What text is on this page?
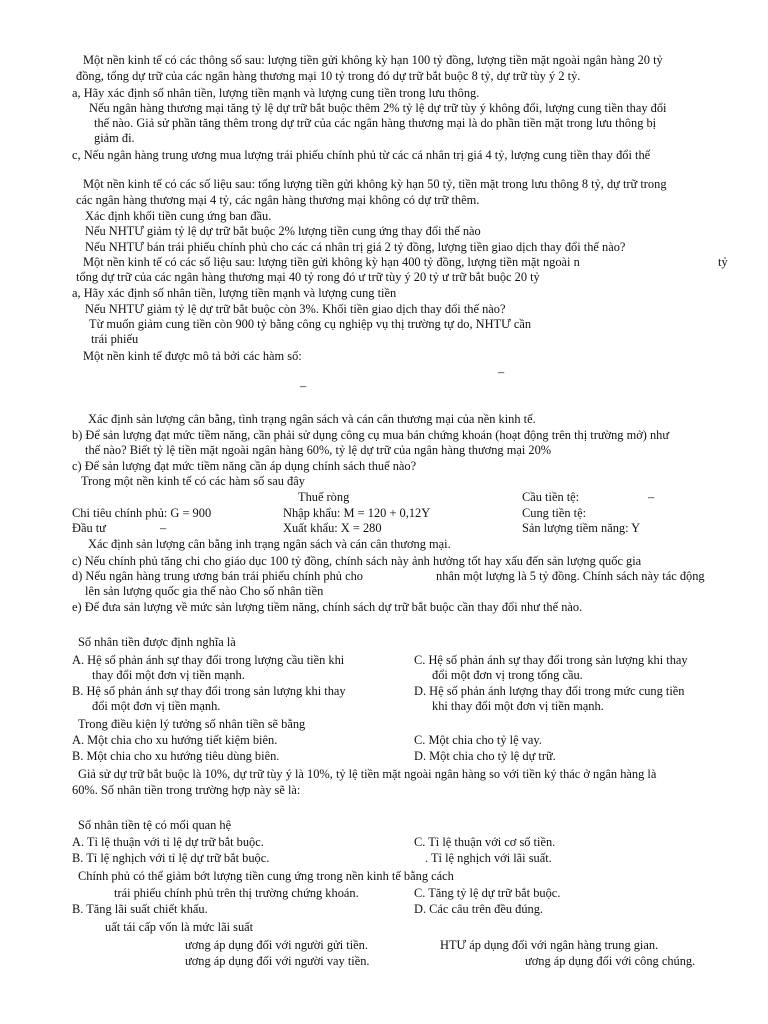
Một nền kinh tế có các thông số sau: lượng tiền gửi không kỳ hạn 100 tỷ đồng, lượng tiền mặt ngoài ngân hàng 20 tỷ
đồng, tổng dự trữ của các ngân hàng thương mại 10 tỷ trong đó dự trữ bắt buộc 8 tỷ, dự trữ tùy ý 2 tỷ.
a, Hãy xác định số nhân tiền, lượng tiền mạnh và lượng cung tiền trong lưu thông.
Nếu ngân hàng thương mại tăng tỷ lệ dự trữ bắt buộc thêm 2% tỷ lệ dự trữ tùy ý không đổi, lượng cung tiền thay đổi
thế nào. Giả sử phần tăng thêm trong dự trữ của các ngân hàng thương mại là do phần tiền mặt trong lưu thông bị
giảm đi.
c, Nếu ngân hàng trung ương mua lượng trái phiếu chính phủ từ các cá nhân trị giá 4 tỷ, lượng cung tiền thay đổi thế
Một nền kinh tế có các số liệu sau: tổng lượng tiền gửi không kỳ hạn 50 tỷ, tiền mặt trong lưu thông 8 tỷ, dự trữ trong
các ngân hàng thương mại 4 tỷ, các ngân hàng thương mại không có dự trữ thêm.
Xác định khối tiền cung ứng ban đầu.
Nếu NHTƯ giảm tỷ lệ dự trữ bắt buộc 2% lượng tiền cung ứng thay đổi thế nào
Nếu NHTƯ bán trái phiếu chính phủ cho các cá nhân trị giá 2 tỷ đồng, lượng tiền giao dịch thay đổi thế nào?
Một nền kinh tế có các số liệu sau: lượng tiền gửi không kỳ hạn 400 tỷ đồng, lượng tiền mặt ngoài n	tỷ
tổng dự trữ của các ngân hàng thương mại 40 tỷ rong đó ư trữ tùy ý 20 tỷ ư trữ bắt buộc 20 tỷ
a, Hãy xác định số nhân tiền, lượng tiền mạnh và lượng cung tiền
Nếu NHTƯ giảm tỷ lệ dự trữ bắt buộc còn 3%. Khối tiền giao dịch thay đổi thế nào?
Từ muốn giảm cung tiền còn 900 tỷ bằng công cụ nghiệp vụ thị trường tự do, NHTƯ cần
trái phiếu
Một nền kinh tế được mô tả bởi các hàm số:
–
–
Xác định sản lượng cân bằng, tình trạng ngân sách và cán cân thương mại của nền kinh tế.
b) Để sản lượng đạt mức tiềm năng, cần phải sử dụng công cụ mua bán chứng khoán (hoạt động trên thị trường mở) như
thế nào? Biết tỷ lệ tiền mặt ngoài ngân hàng 60%, tỷ lệ dự trữ của ngân hàng thương mại 20%
c) Để sản lượng đạt mức tiềm năng cần áp dụng chính sách thuế nào?
Trong một nền kinh tế có các hàm số sau đây
Thuế ròng	Cầu tiền tệ:	–
Chi tiêu chính phủ: G = 900	Nhập khẩu: M = 120 + 0,12Y	Cung tiền tệ:
Đầu tư	–	Xuất khẩu: X = 280	Sản lượng tiềm năng: Y
Xác định sản lượng cân bằng inh trạng ngân sách và cán cân thương mại.
c) Nếu chính phủ tăng chi cho giáo dục 100 tỷ đồng, chính sách này ảnh hưởng tốt hay xấu đến sản lượng quốc gia
d) Nếu ngân hàng trung ương bán trái phiếu chính phủ cho	nhân một lượng là 5 tỷ đồng. Chính sách này tác động
lên sản lượng quốc gia thế nào Cho số nhân tiền
e) Để đưa sản lượng về mức sản lượng tiềm năng, chính sách dự trữ bắt buộc cần thay đổi như thế nào.
Số nhân tiền được định nghĩa là
A. Hệ số phản ánh sự thay đổi trong lượng cầu tiền khi
thay đổi một đơn vị tiền mạnh.
C. Hệ số phản ánh sự thay đổi trong sản lượng khi thay
đổi một đơn vị trong tổng cầu.
B. Hệ số phản ánh sự thay đổi trong sản lượng khi thay
đổi một đơn vị tiền mạnh.
D. Hệ số phản ánh lượng thay đổi trong mức cung tiền
khi thay đổi một đơn vị tiền mạnh.
Trong điều kiện lý tưởng số nhân tiền sẽ bằng
A. Một chia cho xu hướng tiết kiệm biên.	C. Một chia cho tỷ lệ vay.
B. Một chia cho xu hướng tiêu dùng biên.	D. Một chia cho tỷ lệ dự trữ.
Giả sử dự trữ bắt buộc là 10%, dự trữ tùy ý là 10%, tỷ lệ tiền mặt ngoài ngân hàng so với tiền ký thác ở ngân hàng là
60%. Số nhân tiền trong trường hợp này sẽ là:
Số nhân tiền tệ có mối quan hệ
A. Tỉ lệ thuận với tỉ lệ dự trữ bắt buộc.	C. Tỉ lệ thuận với cơ số tiền.
B. Tỉ lệ nghịch với tỉ lệ dự trữ bắt buộc.	. Tỉ lệ nghịch với lãi suất.
Chính phủ có thể giảm bớt lượng tiền cung ứng trong nền kinh tế bằng cách
trái phiếu chính phủ trên thị trường chứng khoán.	C. Tăng tỷ lệ dự trữ bắt buộc.
B. Tăng lãi suất chiết khấu.	D. Các câu trên đều đúng.
uất tái cấp vốn là mức lãi suất
ương áp dụng đối với người gửi tiền.	HTƯ áp dụng đối với ngân hàng trung gian.
ương áp dụng đối với người vay tiền.	ương áp dụng đối với công chúng.
